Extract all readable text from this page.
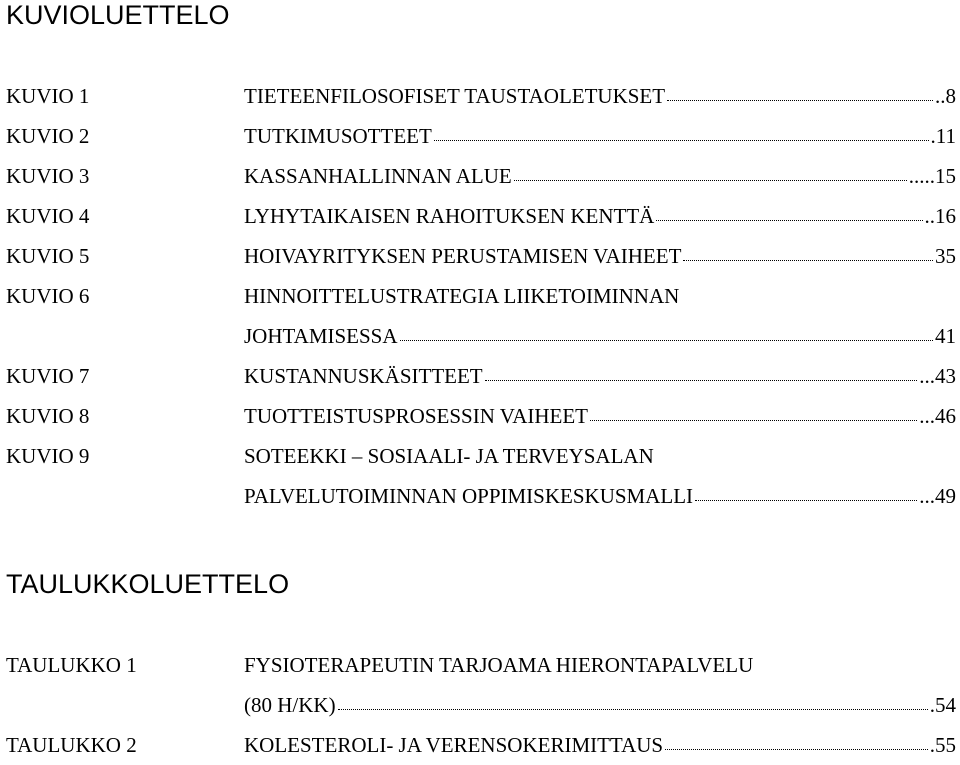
KUVIOLUETTELO
KUVIO 1	TIETEENFILOSOFISET TAUSTAOLETUKSET	..8
KUVIO 2	TUTKIMUSOTTEET	.11
KUVIO 3	KASSANHALLINNAN ALUE	.....15
KUVIO 4	LYHYTAIKAISEN RAHOITUKSEN KENTTÄ	..16
KUVIO 5	HOIVAYRITYKSEN PERUSTAMISEN VAIHEET	35
KUVIO 6	HINNOITTELUSTRATEGIA LIIKETOIMINNAN
JOHTAMISESSA	41
KUVIO 7	KUSTANNUSKÄSITTEET	...43
KUVIO 8	TUOTTEISTUSPROSESSIN VAIHEET	...46
KUVIO 9	SOTEEKKI – SOSIAALI- JA TERVEYSALAN
PALVELUTOIMINNAN OPPIMISKESKUSMALLI	...49
TAULUKKOLUETTELO
TAULUKKO 1	FYSIOTERAPEUTIN TARJOAMA HIERONTAPALVELU
(80 H/KK)	.54
TAULUKKO 2	KOLESTEROLI- JA VERENSOKERIMITTAUS	.55
